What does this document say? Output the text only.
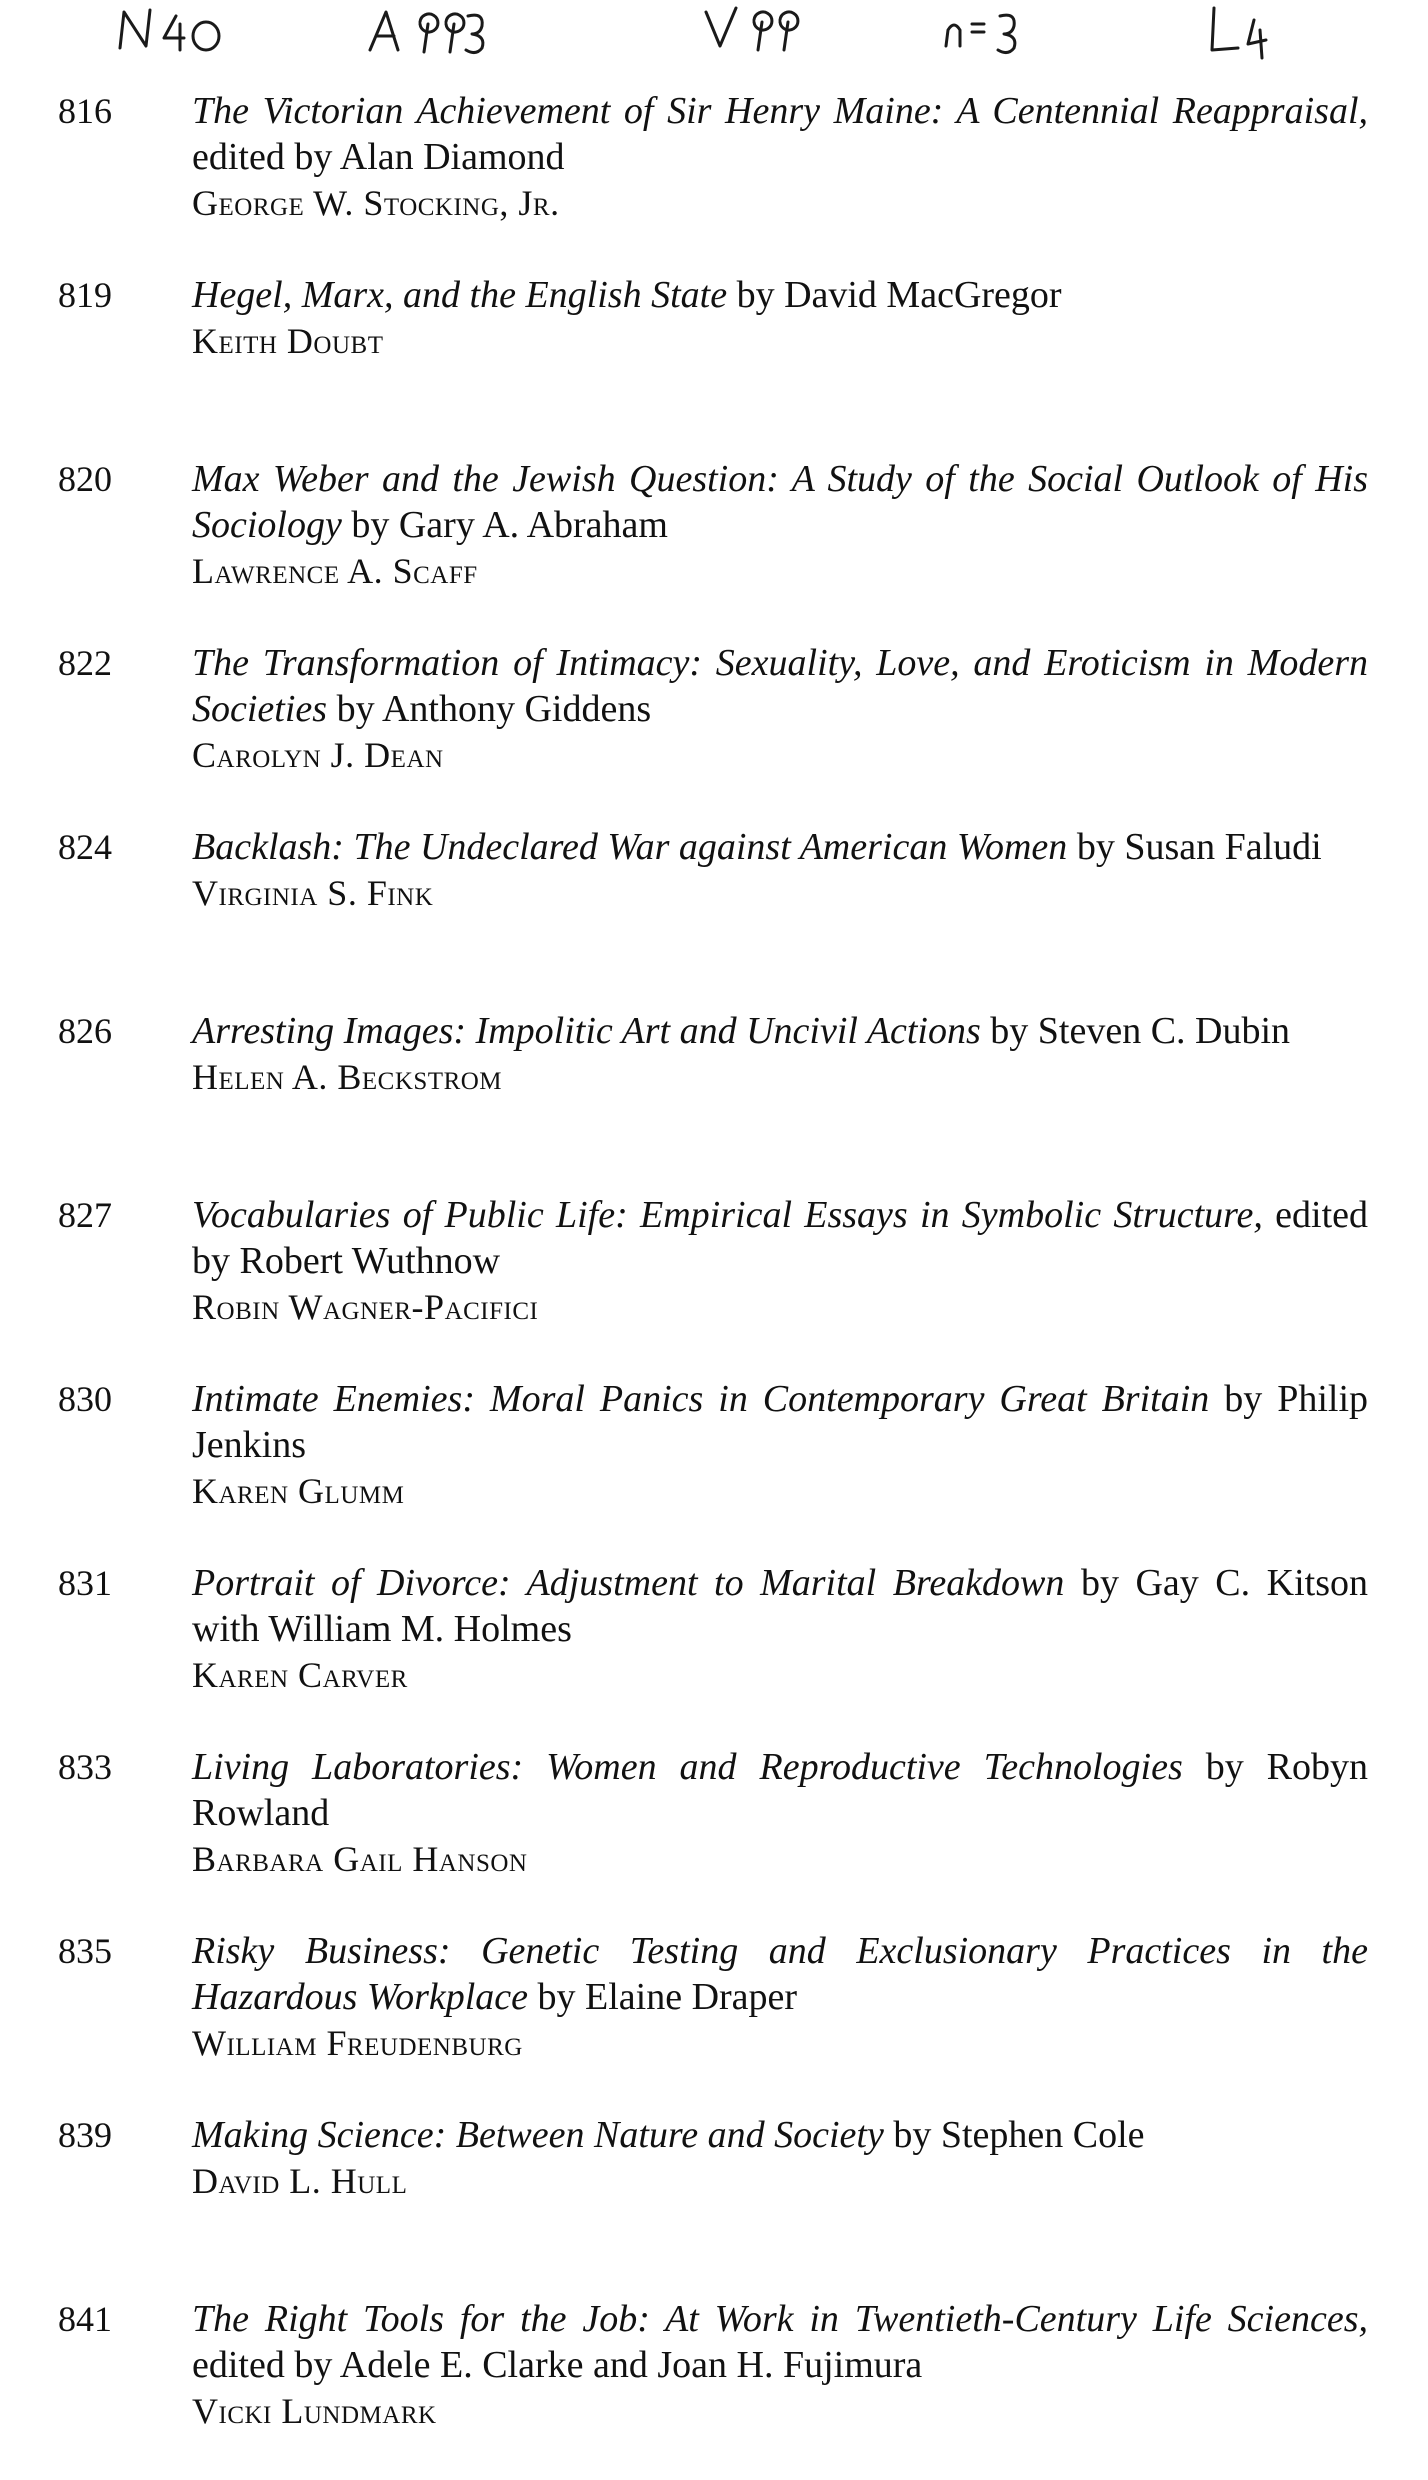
816	The Victorian Achievement of Sir Henry Maine: A Centennial Reappraisal, edited by Alan Diamond
George W. Stocking, Jr.
819	Hegel, Marx, and the English State by David MacGregor
Keith Doubt
820	Max Weber and the Jewish Question: A Study of the Social Outlook of His Sociology by Gary A. Abraham
Lawrence A. Scaff
822	The Transformation of Intimacy: Sexuality, Love, and Eroticism in Modern Societies by Anthony Giddens
Carolyn J. Dean
824	Backlash: The Undeclared War against American Women by Susan Faludi
Virginia S. Fink
826	Arresting Images: Impolitic Art and Uncivil Actions by Steven C. Dubin
Helen A. Beckstrom
827	Vocabularies of Public Life: Empirical Essays in Symbolic Structure, edited by Robert Wuthnow
Robin Wagner-Pacifici
830	Intimate Enemies: Moral Panics in Contemporary Great Britain by Philip Jenkins
Karen Glumm
831	Portrait of Divorce: Adjustment to Marital Breakdown by Gay C. Kitson with William M. Holmes
Karen Carver
833	Living Laboratories: Women and Reproductive Technologies by Robyn Rowland
Barbara Gail Hanson
835	Risky Business: Genetic Testing and Exclusionary Practices in the Hazardous Workplace by Elaine Draper
William Freudenburg
839	Making Science: Between Nature and Society by Stephen Cole
David L. Hull
841	The Right Tools for the Job: At Work in Twentieth-Century Life Sciences, edited by Adele E. Clarke and Joan H. Fujimura
Vicki Lundmark
